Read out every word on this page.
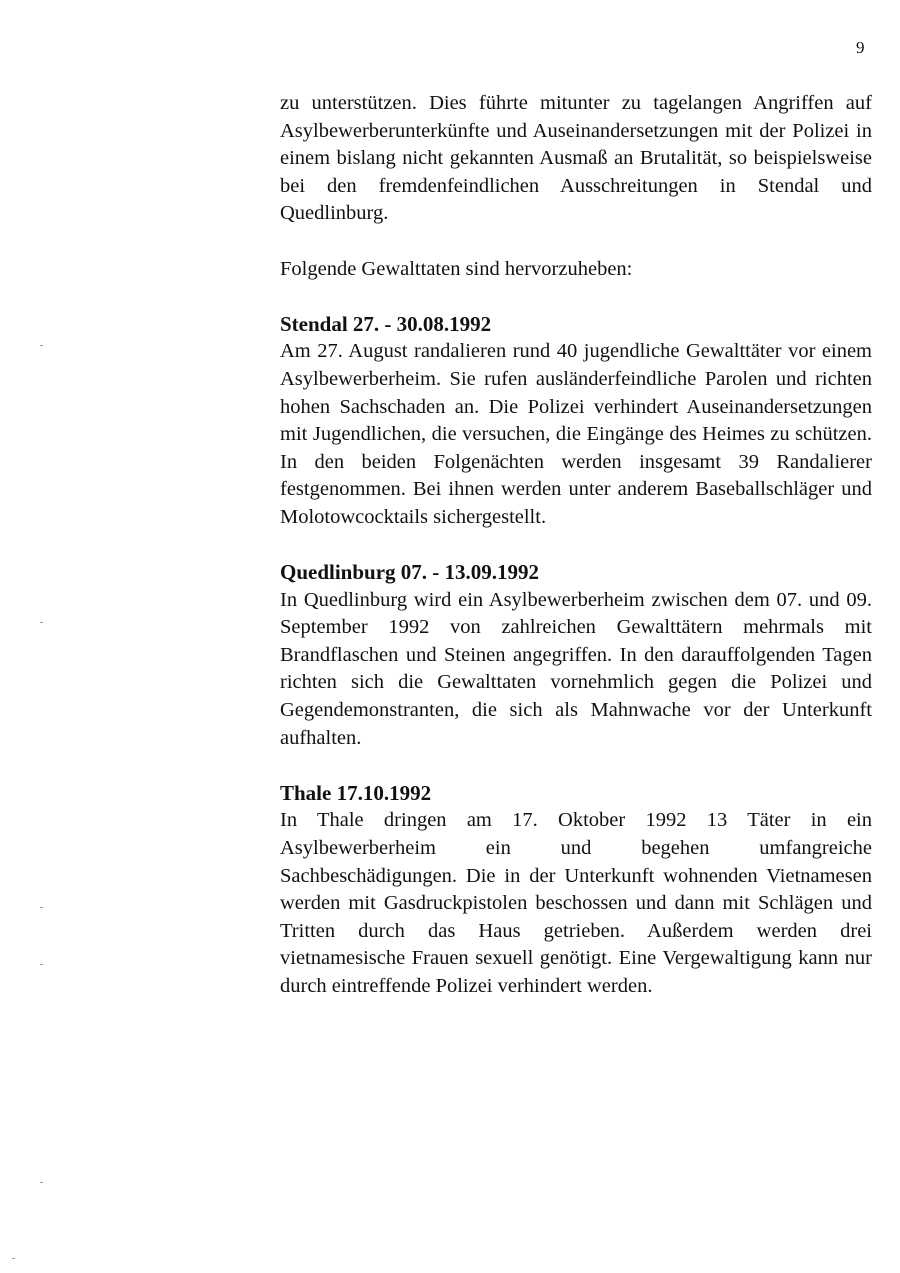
9

zu unterstützen. Dies führte mitunter zu tagelangen Angriffen auf Asylbewerberunterkünfte und Auseinandersetzungen mit der Polizei in einem bislang nicht gekannten Ausmaß an Brutalität, so beispielsweise bei den fremdenfeindlichen Ausschreitungen in Stendal und Quedlinburg.

Folgende Gewalttaten sind hervorzuheben:

Stendal 27. - 30.08.1992

Am 27. August randalieren rund 40 jugendliche Gewalttäter vor einem Asylbewerberheim. Sie rufen ausländerfeindliche Parolen und richten hohen Sachschaden an. Die Polizei verhindert Auseinandersetzungen mit Jugendlichen, die versuchen, die Eingänge des Heimes zu schützen. In den beiden Folgenächten werden insgesamt 39 Randalierer festgenommen. Bei ihnen werden unter anderem Baseballschläger und Molotowcocktails sichergestellt.

Quedlinburg 07. - 13.09.1992

In Quedlinburg wird ein Asylbewerberheim zwischen dem 07. und 09. September 1992 von zahlreichen Gewalttätern mehrmals mit Brandflaschen und Steinen angegriffen. In den darauffolgenden Tagen richten sich die Gewalttaten vornehmlich gegen die Polizei und Gegendemonstranten, die sich als Mahnwache vor der Unterkunft aufhalten.

Thale 17.10.1992

In Thale dringen am 17. Oktober 1992 13 Täter in ein Asylbewerberheim ein und begehen umfangreiche Sachbeschädigungen. Die in der Unterkunft wohnenden Vietnamesen werden mit Gasdruckpistolen beschossen und dann mit Schlägen und Tritten durch das Haus getrieben. Außerdem werden drei vietnamesische Frauen sexuell genötigt. Eine Vergewaltigung kann nur durch eintreffende Polizei verhindert werden.
